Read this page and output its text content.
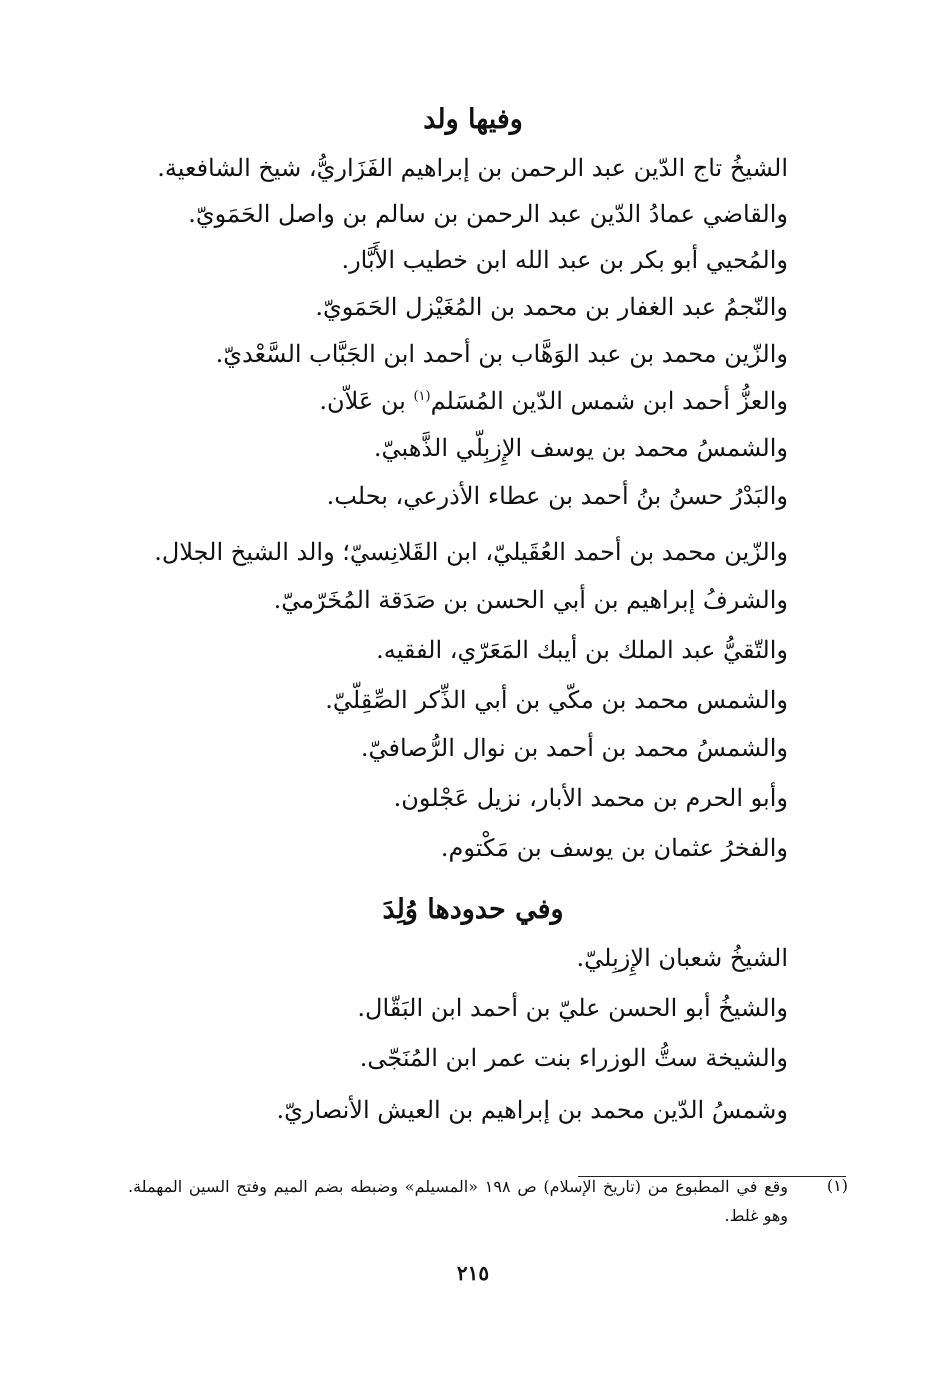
وفيها ولد
الشيخُ تاج الدّين عبد الرحمن بن إبراهيم الفَزَاريُّ، شيخ الشافعية.
والقاضي عمادُ الدّين عبد الرحمن بن سالم بن واصل الحَمَويّ.
والمُحيي أبو بكر بن عبد الله ابن خطيب الأَبَّار.
والنّجمُ عبد الغفار بن محمد بن المُغَيْزل الحَمَويّ.
والزّين محمد بن عبد الوَهَّاب بن أحمد ابن الجَبَّاب السَّعْديّ.
والعزُّ أحمد ابن شمس الدّين المُسَلم$^{(١)}$ بن عَلاّن.
والشمسُ محمد بن يوسف الإِزبِلّي الذَّهبيّ.
والبَدْرُ حسنُ بنُ أحمد بن عطاء الأذرعي، بحلب.
والزّين محمد بن أحمد العُقَيليّ، ابن القَلانِسيّ؛ والد الشيخ الجلال.
والشرفُ إبراهيم بن أبي الحسن بن صَدَقة المُخَرّميّ.
والتّقيُّ عبد الملك بن أيبك المَعَرّي، الفقيه.
والشمس محمد بن مكّي بن أبي الذِّكر الصِّقِلّيّ.
والشمسُ محمد بن أحمد بن نوال الرُّصافيّ.
وأبو الحرم بن محمد الأبار، نزيل عَجْلون.
والفخرُ عثمان بن يوسف بن مَكْتوم.
وفي حدودها وُلِدَ
الشيخُ شعبان الإِزبِليّ.
والشيخُ أبو الحسن عليّ بن أحمد ابن البَقّال.
والشيخة ستُّ الوزراء بنت عمر ابن المُنَجّى.
وشمسُ الدّين محمد بن إبراهيم بن العيش الأنصاريّ.
(١)
وقع في المطبوع من (تاريخ الإسلام) ص ١٩٨ «المسيلم» وضبطه بضم الميم وفتح السين المهملة. وهو غلط.
٢١٥
